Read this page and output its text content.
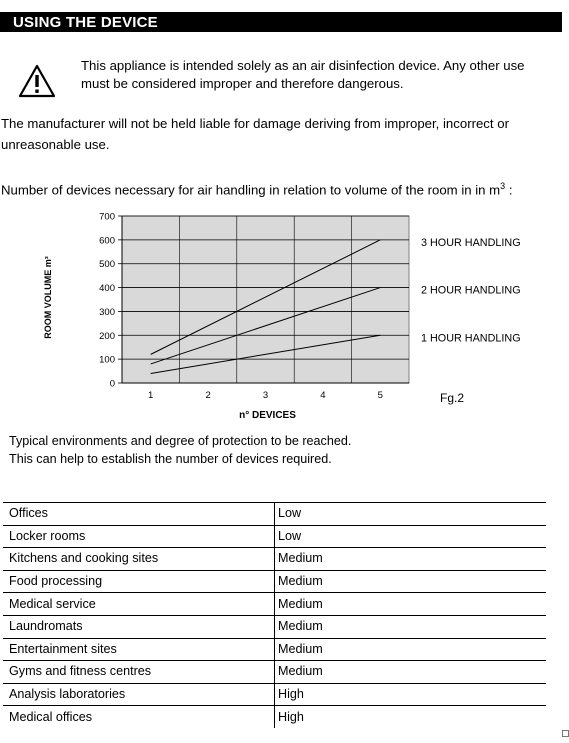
USING THE DEVICE
This appliance is intended solely as an air disinfection device. Any other use must be considered improper and therefore dangerous.
The manufacturer will not be held liable for damage deriving from improper, incorrect or unreasonable use.
Number of devices necessary for air handling in relation to volume of the room in in $m^3$ :
0
100
200
300
400
500
600
700
1	2	3	4	5
n° DEVICES
ROOM VOLUME m³
3 HOUR HANDLING
2 HOUR HANDLING
1 HOUR HANDLING
Fg.2
Typical environments and degree of protection to be reached.
This can help to establish the number of devices required.
Offices	Low
Locker rooms	Low
Kitchens and cooking sites	Medium
Food processing	Medium
Medical service	Medium
Laundromats	Medium
Entertainment sites	Medium
Gyms and fitness centres	Medium
Analysis laboratories	High
Medical offices	High
